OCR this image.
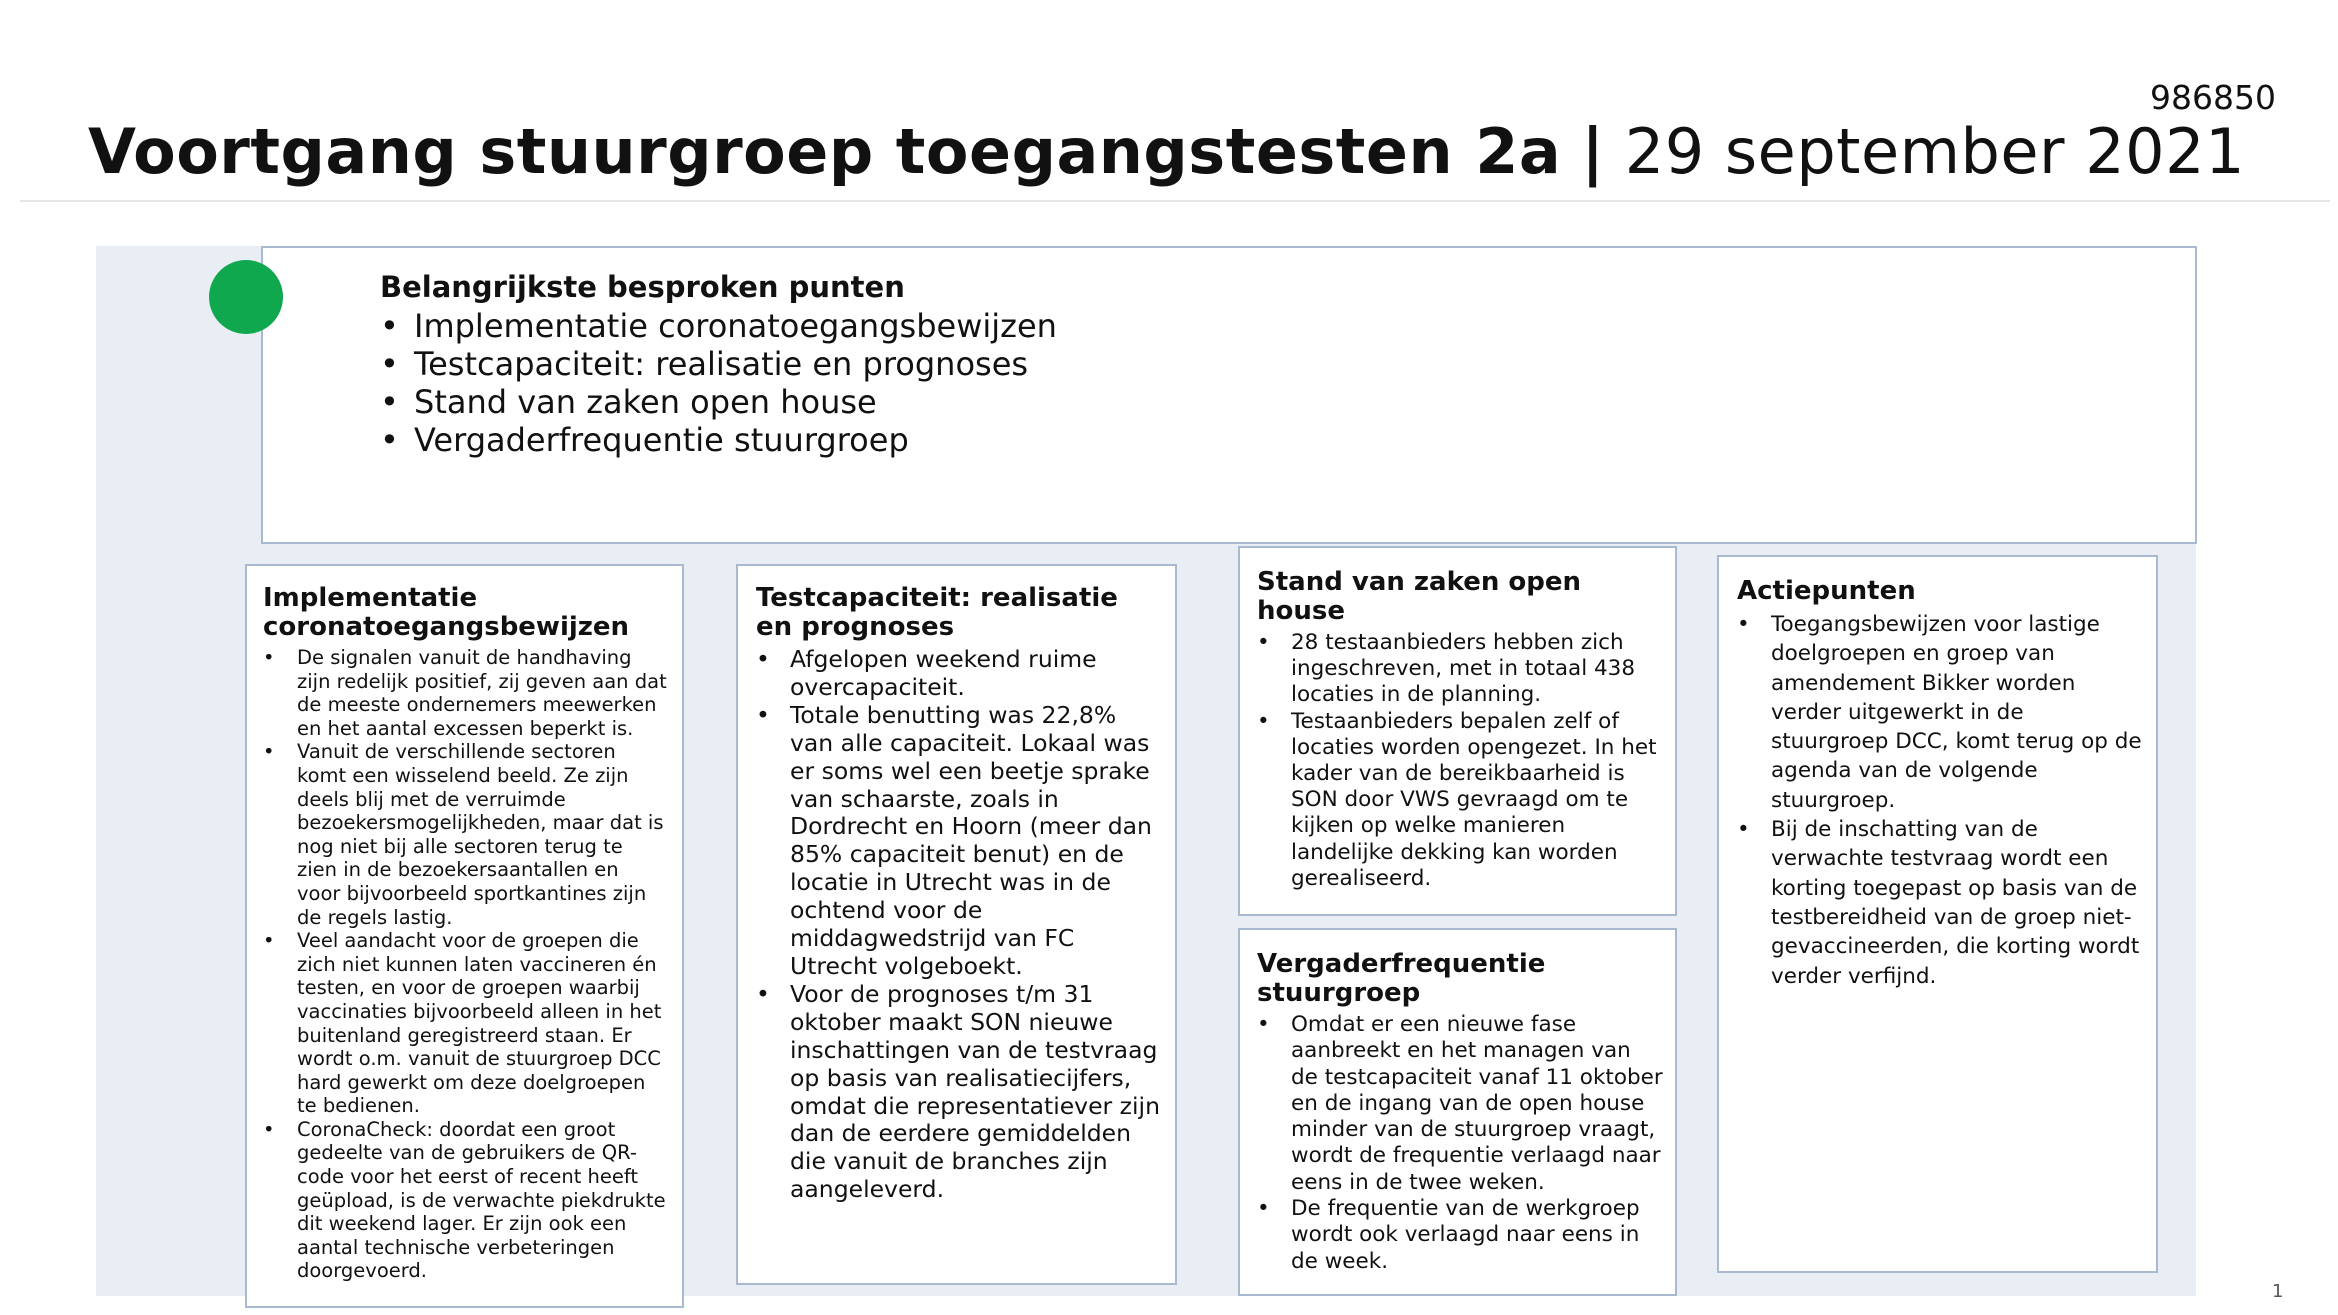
986850
Voortgang stuurgroep toegangstesten 2a | 29 september 2021
Belangrijkste besproken punten
• Implementatie coronatoegangsbewijzen
• Testcapaciteit: realisatie en prognoses
• Stand van zaken open house
• Vergaderfrequentie stuurgroep
Implementatie coronatoegangsbewijzen
• De signalen vanuit de handhaving zijn redelijk positief, zij geven aan dat de meeste ondernemers meewerken en het aantal excessen beperkt is.
• Vanuit de verschillende sectoren komt een wisselend beeld. Ze zijn deels blij met de verruimde bezoekersmogelijkheden, maar dat is nog niet bij alle sectoren terug te zien in de bezoekersaantallen en voor bijvoorbeeld sportkantines zijn de regels lastig.
• Veel aandacht voor de groepen die zich niet kunnen laten vaccineren én testen, en voor de groepen waarbij vaccinaties bijvoorbeeld alleen in het buitenland geregistreerd staan. Er wordt o.m. vanuit de stuurgroep DCC hard gewerkt om deze doelgroepen te bedienen.
• CoronaCheck: doordat een groot gedeelte van de gebruikers de QR-code voor het eerst of recent heeft geüpload, is de verwachte piekdrukte dit weekend lager. Er zijn ook een aantal technische verbeteringen doorgevoerd.
Testcapaciteit: realisatie en prognoses
• Afgelopen weekend ruime overcapaciteit.
• Totale benutting was 22,8% van alle capaciteit. Lokaal was er soms wel een beetje sprake van schaarste, zoals in Dordrecht en Hoorn (meer dan 85% capaciteit benut) en de locatie in Utrecht was in de ochtend voor de middagwedstrijd van FC Utrecht volgeboekt.
• Voor de prognoses t/m 31 oktober maakt SON nieuwe inschattingen van de testvraag op basis van realisatiecijfers, omdat die representatiever zijn dan de eerdere gemiddelden die vanuit de branches zijn aangeleverd.
Stand van zaken open house
• 28 testaanbieders hebben zich ingeschreven, met in totaal 438 locaties in de planning.
• Testaanbieders bepalen zelf of locaties worden opengezet. In het kader van de bereikbaarheid is SON door VWS gevraagd om te kijken op welke manieren landelijke dekking kan worden gerealiseerd.
Vergaderfrequentie stuurgroep
• Omdat er een nieuwe fase aanbreekt en het managen van de testcapaciteit vanaf 11 oktober en de ingang van de open house minder van de stuurgroep vraagt, wordt de frequentie verlaagd naar eens in de twee weken.
• De frequentie van de werkgroep wordt ook verlaagd naar eens in de week.
Actiepunten
• Toegangsbewijzen voor lastige doelgroepen en groep van amendement Bikker worden verder uitgewerkt in de stuurgroep DCC, komt terug op de agenda van de volgende stuurgroep.
• Bij de inschatting van de verwachte testvraag wordt een korting toegepast op basis van de testbereidheid van de groep niet-gevaccineerden, die korting wordt verder verfijnd.
1
